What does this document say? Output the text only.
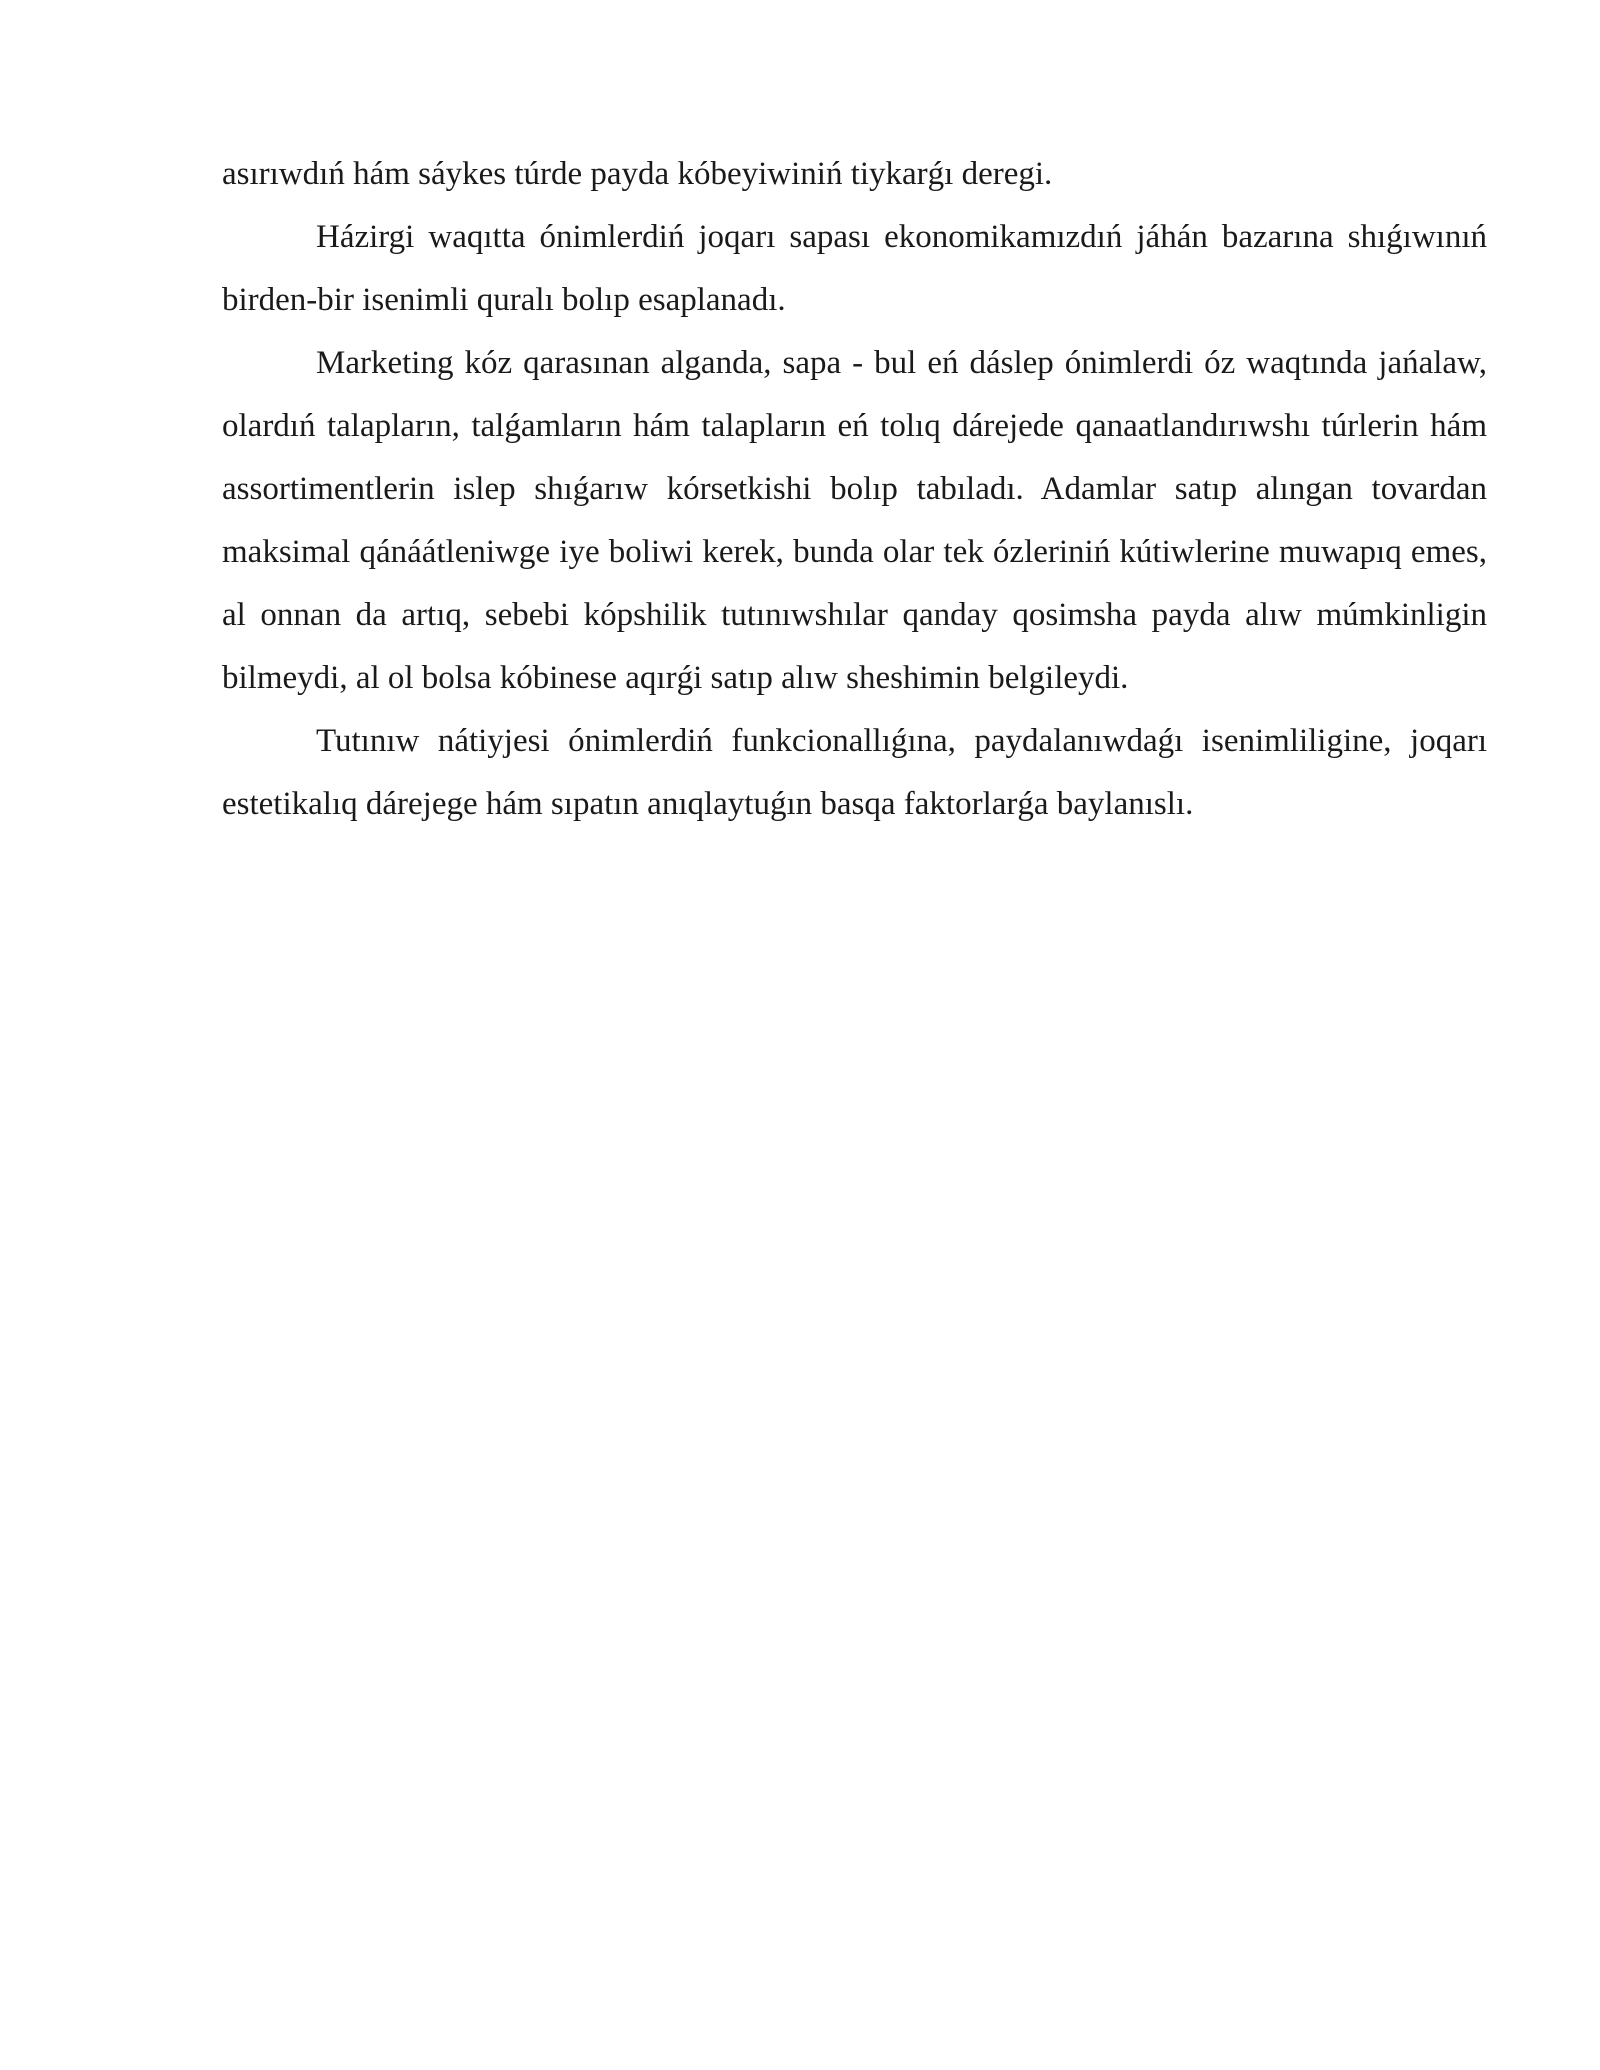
asırıwdıń hám sáykes túrde payda kóbeyiwiniń tiykarǵı deregi.

Házirgi waqıtta ónimlerdiń joqarı sapası ekonomikamızdıń jáhán bazarına shıǵıwınıń birden-bir isenimli quralı bolıp esaplanadı.

Marketing kóz qarasınan alganda, sapa - bul eń dáslep ónimlerdi óz waqtında jańalaw, olardıń talapların, talǵamların hám talapların eń tolıq dárejede qanaatlandırıwshı túrlerin hám assortimentlerin islep shıǵarıw kórsetkishi bolıp tabıladı. Adamlar satıp alıngan tovardan maksimal qánáátleniwge iye boliwi kerek, bunda olar tek ózleriniń kútiwlerine muwapıq emes, al onnan da artıq, sebebi kópshilik tutınıwshılar qanday qosimsha payda alıw múmkinligin bilmeydi, al ol bolsa kóbinese aqırǵi satıp alıw sheshimin belgileydi.

Tutınıw nátiyjesi ónimlerdiń funkcionallıǵına, paydalanıwdaǵı isenimliligine, joqarı estetikalıq dárejege hám sıpatın anıqlaytuǵın basqa faktorlarǵa baylanıslı.
